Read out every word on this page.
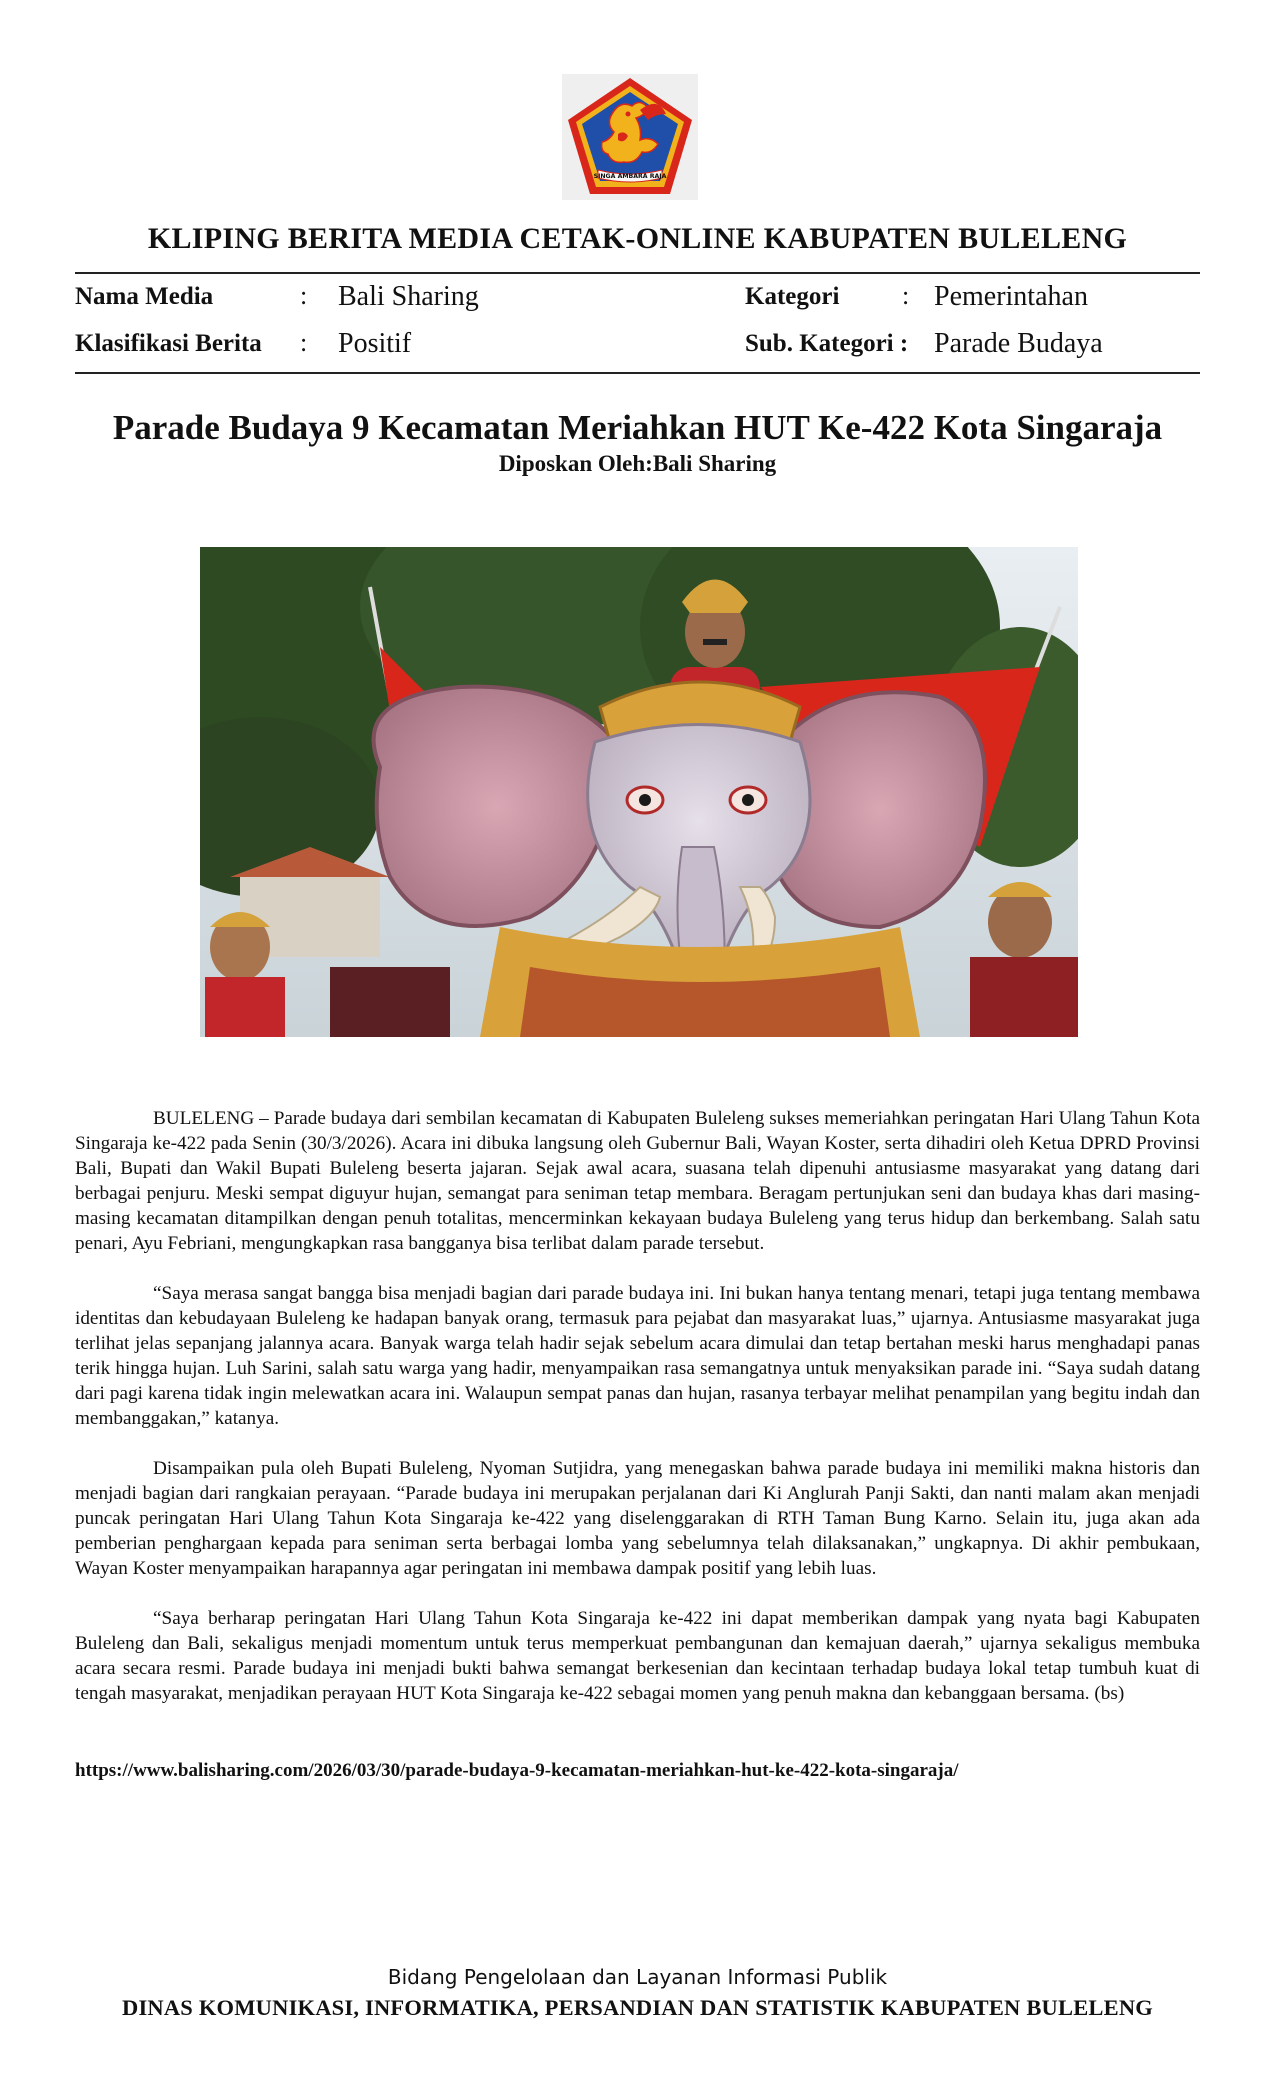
SINGA AMBARA RAJA
KLIPING BERITA MEDIA CETAK-ONLINE KABUPATEN BULELENG
Nama Media	: Bali Sharing	Kategori : Pemerintahan
Klasifikasi Berita : Positif	Sub. Kategori : Parade Budaya
Parade Budaya 9 Kecamatan Meriahkan HUT Ke-422 Kota Singaraja
Diposkan Oleh:Bali Sharing

BULELENG – Parade budaya dari sembilan kecamatan di Kabupaten Buleleng sukses memeriahkan peringatan Hari Ulang Tahun Kota Singaraja ke-422 pada Senin (30/3/2026). Acara ini dibuka langsung oleh Gubernur Bali, Wayan Koster, serta dihadiri oleh Ketua DPRD Provinsi Bali, Bupati dan Wakil Bupati Buleleng beserta jajaran. Sejak awal acara, suasana telah dipenuhi antusiasme masyarakat yang datang dari berbagai penjuru. Meski sempat diguyur hujan, semangat para seniman tetap membara. Beragam pertunjukan seni dan budaya khas dari masing-masing kecamatan ditampilkan dengan penuh totalitas, mencerminkan kekayaan budaya Buleleng yang terus hidup dan berkembang. Salah satu penari, Ayu Febriani, mengungkapkan rasa bangganya bisa terlibat dalam parade tersebut.

“Saya merasa sangat bangga bisa menjadi bagian dari parade budaya ini. Ini bukan hanya tentang menari, tetapi juga tentang membawa identitas dan kebudayaan Buleleng ke hadapan banyak orang, termasuk para pejabat dan masyarakat luas,” ujarnya. Antusiasme masyarakat juga terlihat jelas sepanjang jalannya acara. Banyak warga telah hadir sejak sebelum acara dimulai dan tetap bertahan meski harus menghadapi panas terik hingga hujan. Luh Sarini, salah satu warga yang hadir, menyampaikan rasa semangatnya untuk menyaksikan parade ini. “Saya sudah datang dari pagi karena tidak ingin melewatkan acara ini. Walaupun sempat panas dan hujan, rasanya terbayar melihat penampilan yang begitu indah dan membanggakan,” katanya.

Disampaikan pula oleh Bupati Buleleng, Nyoman Sutjidra, yang menegaskan bahwa parade budaya ini memiliki makna historis dan menjadi bagian dari rangkaian perayaan. “Parade budaya ini merupakan perjalanan dari Ki Anglurah Panji Sakti, dan nanti malam akan menjadi puncak peringatan Hari Ulang Tahun Kota Singaraja ke-422 yang diselenggarakan di RTH Taman Bung Karno. Selain itu, juga akan ada pemberian penghargaan kepada para seniman serta berbagai lomba yang sebelumnya telah dilaksanakan,” ungkapnya. Di akhir pembukaan, Wayan Koster menyampaikan harapannya agar peringatan ini membawa dampak positif yang lebih luas.

“Saya berharap peringatan Hari Ulang Tahun Kota Singaraja ke-422 ini dapat memberikan dampak yang nyata bagi Kabupaten Buleleng dan Bali, sekaligus menjadi momentum untuk terus memperkuat pembangunan dan kemajuan daerah,” ujarnya sekaligus membuka acara secara resmi. Parade budaya ini menjadi bukti bahwa semangat berkesenian dan kecintaan terhadap budaya lokal tetap tumbuh kuat di tengah masyarakat, menjadikan perayaan HUT Kota Singaraja ke-422 sebagai momen yang penuh makna dan kebanggaan bersama. (bs)

https://www.balisharing.com/2026/03/30/parade-budaya-9-kecamatan-meriahkan-hut-ke-422-kota-singaraja/
Bidang Pengelolaan dan Layanan Informasi Publik
DINAS KOMUNIKASI, INFORMATIKA, PERSANDIAN DAN STATISTIK KABUPATEN BULELENG
